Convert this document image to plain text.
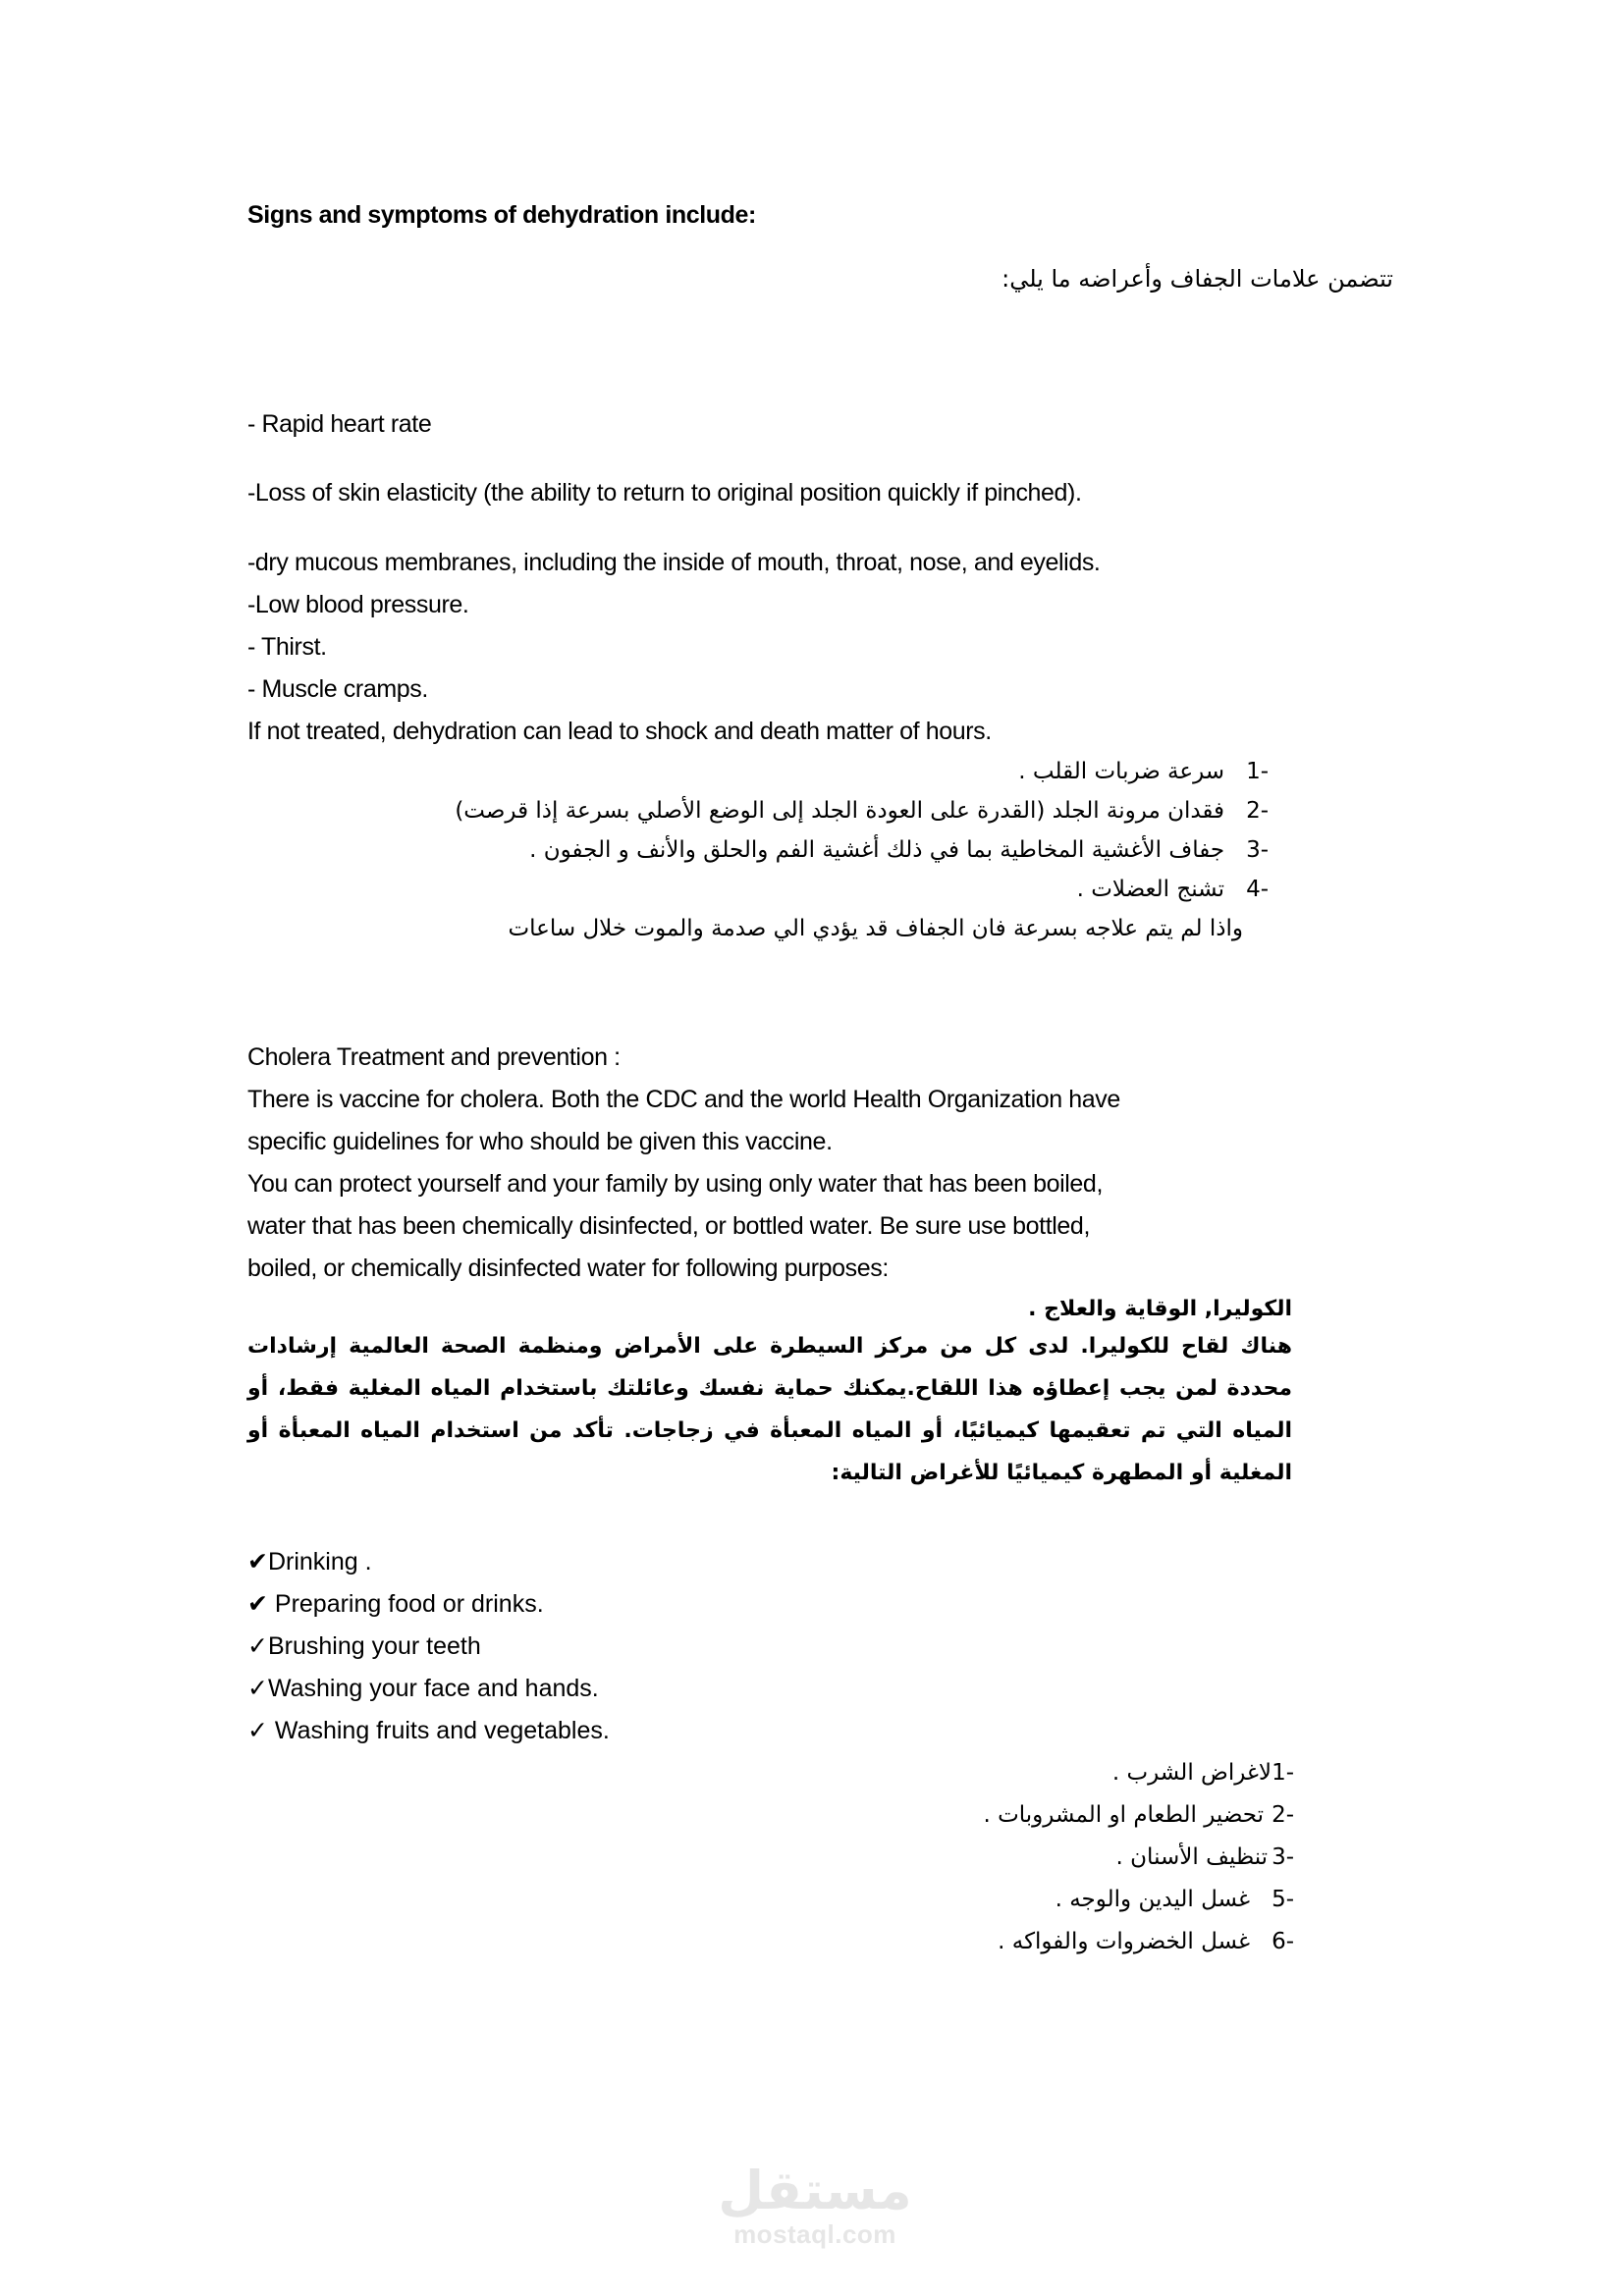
Signs and symptoms of dehydration include:
تتضمن علامات الجفاف وأعراضه ما يلي:
- Rapid heart rate
-Loss of skin elasticity (the ability to return to original position quickly if pinched).
-dry mucous membranes, including the inside of mouth, throat, nose, and eyelids.
-Low blood pressure.
- Thirst.
- Muscle cramps.
If not treated, dehydration can lead to shock and death matter of hours.
1-سرعة ضربات القلب .
2-فقدان مرونة الجلد (القدرة على العودة الجلد إلى الوضع الأصلي بسرعة إذا قرصت)
3-جفاف الأغشية المخاطية بما في ذلك أغشية الفم والحلق والأنف و الجفون .
4-تشنج العضلات .
واذا لم يتم علاجه بسرعة فان الجفاف قد يؤدي الي صدمة والموت خلال ساعات
Cholera Treatment and prevention :
There is vaccine for cholera. Both the CDC and the world Health Organization have
specific guidelines for who should be given this vaccine.
You can protect yourself and your family by using only water that has been boiled,
water that has been chemically disinfected, or bottled water. Be sure use bottled,
boiled, or chemically disinfected water for following purposes:
الكوليرا, الوقاية والعلاج .
هناك لقاح للكوليرا. لدى كل من مركز السيطرة على الأمراض ومنظمة الصحة العالمية إرشادات محددة لمن يجب إعطاؤه هذا اللقاح.يمكنك حماية نفسك وعائلتك باستخدام المياه المغلية فقط، أو المياه التي تم تعقيمها كيميائيًا، أو المياه المعبأة في زجاجات. تأكد من استخدام المياه المعبأة أو المغلية أو المطهرة كيميائيًا للأغراض التالية:
✔Drinking .
✔ Preparing food or drinks.
✓Brushing your teeth
✓Washing your face and hands.
✓ Washing fruits and vegetables.
1-لاغراض الشرب .
2-تحضير الطعام او المشروبات .
3-تنظيف الأسنان .
5-غسل اليدين والوجه .
6-غسل الخضروات والفواكه .
مستقل
mostaql.com
